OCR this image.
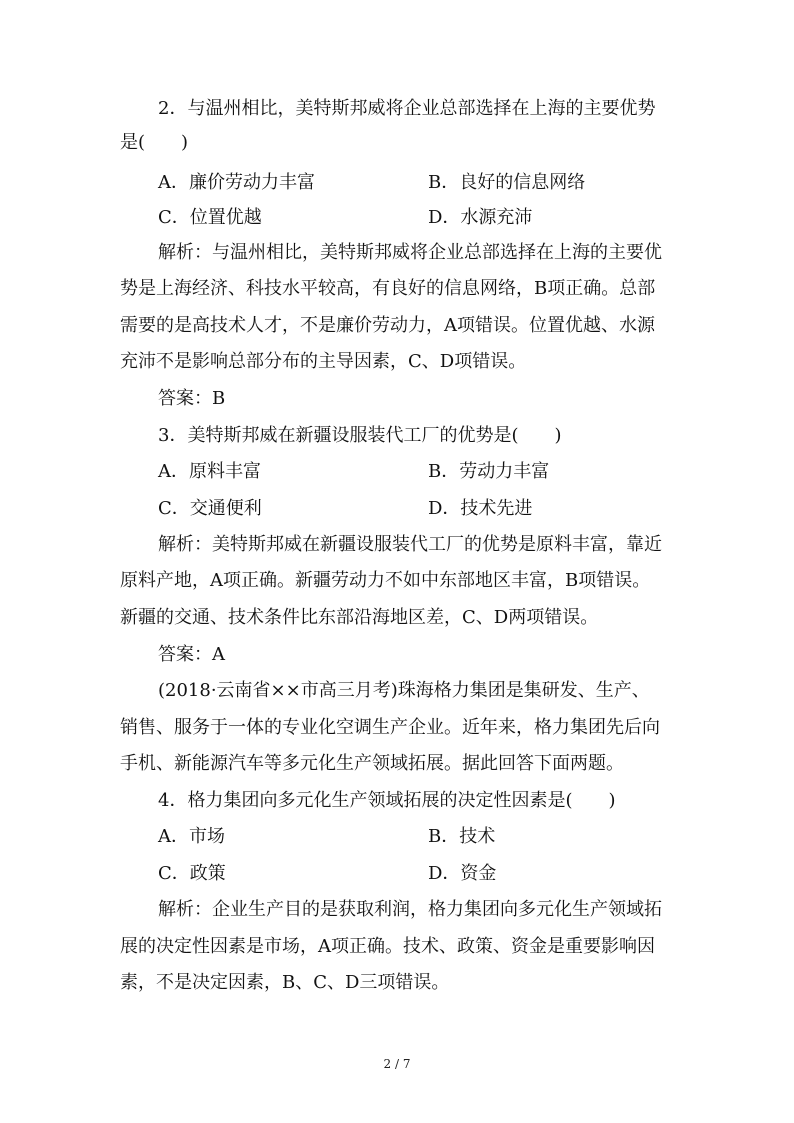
2．与温州相比，美特斯邦威将企业总部选择在上海的主要优势
是(　　)
A．廉价劳动力丰富	B．良好的信息网络
C．位置优越	D．水源充沛
解析：与温州相比，美特斯邦威将企业总部选择在上海的主要优
势是上海经济、科技水平较高，有良好的信息网络，B项正确。总部
需要的是高技术人才，不是廉价劳动力，A项错误。位置优越、水源
充沛不是影响总部分布的主导因素，C、D项错误。
答案：B
3．美特斯邦威在新疆设服装代工厂的优势是(　　)
A．原料丰富	B．劳动力丰富
C．交通便利	D．技术先进
解析：美特斯邦威在新疆设服装代工厂的优势是原料丰富，靠近
原料产地，A项正确。新疆劳动力不如中东部地区丰富，B项错误。
新疆的交通、技术条件比东部沿海地区差，C、D两项错误。
答案：A
(2018·云南省××市高三月考)珠海格力集团是集研发、生产、
销售、服务于一体的专业化空调生产企业。近年来，格力集团先后向
手机、新能源汽车等多元化生产领域拓展。据此回答下面两题。
4．格力集团向多元化生产领域拓展的决定性因素是(　　)
A．市场	B．技术
C．政策	D．资金
解析：企业生产目的是获取利润，格力集团向多元化生产领域拓
展的决定性因素是市场，A项正确。技术、政策、资金是重要影响因
素，不是决定因素，B、C、D三项错误。
2 / 7
